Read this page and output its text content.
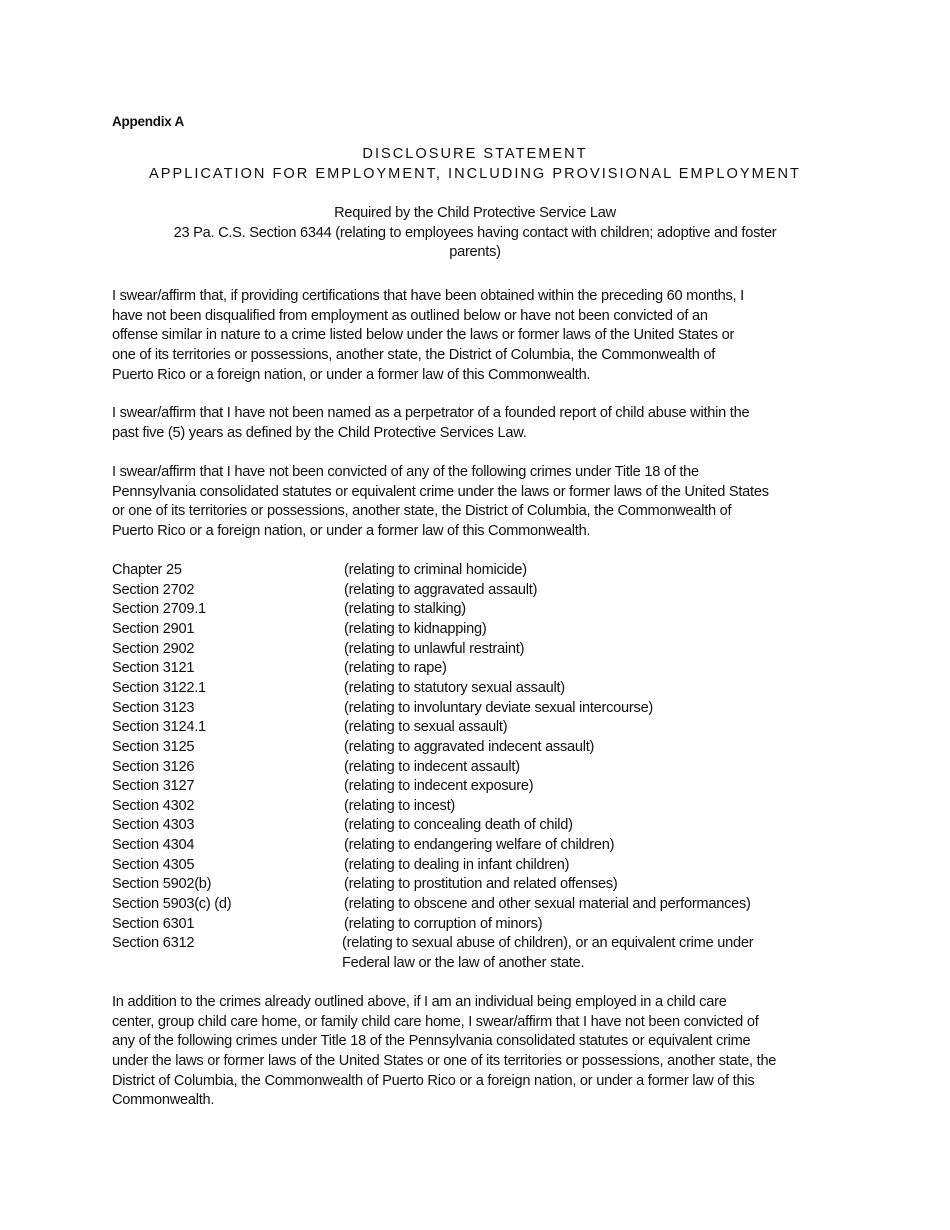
Appendix A
DISCLOSURE STATEMENT
APPLICATION FOR EMPLOYMENT, INCLUDING PROVISIONAL EMPLOYMENT
Required by the Child Protective Service Law
23 Pa. C.S. Section 6344 (relating to employees having contact with children; adoptive and foster
parents)
I swear/affirm that, if providing certifications that have been obtained within the preceding 60 months, I
have not been disqualified from employment as outlined below or have not been convicted of an
offense similar in nature to a crime listed below under the laws or former laws of the United States or
one of its territories or possessions, another state, the District of Columbia, the Commonwealth of
Puerto Rico or a foreign nation, or under a former law of this Commonwealth.
I swear/affirm that I have not been named as a perpetrator of a founded report of child abuse within the
past five (5) years as defined by the Child Protective Services Law.
I swear/affirm that I have not been convicted of any of the following crimes under Title 18 of the
Pennsylvania consolidated statutes or equivalent crime under the laws or former laws of the United States
or one of its territories or possessions, another state, the District of Columbia, the Commonwealth of
Puerto Rico or a foreign nation, or under a former law of this Commonwealth.
In addition to the crimes already outlined above, if I am an individual being employed in a child care
center, group child care home, or family child care home, I swear/affirm that I have not been convicted of
any of the following crimes under Title 18 of the Pennsylvania consolidated statutes or equivalent crime
under the laws or former laws of the United States or one of its territories or possessions, another state, the
District of Columbia, the Commonwealth of Puerto Rico or a foreign nation, or under a former law of this
Commonwealth.
Chapter 25	(relating to criminal homicide)
Section 2702	(relating to aggravated assault)
Section 2709.1	(relating to stalking)
Section 2901	(relating to kidnapping)
Section 2902	(relating to unlawful restraint)
Section 3121	(relating to rape)
Section 3122.1	(relating to statutory sexual assault)
Section 3123	(relating to involuntary deviate sexual intercourse)
Section 3124.1	(relating to sexual assault)
Section 3125	(relating to aggravated indecent assault)
Section 3126	(relating to indecent assault)
Section 3127	(relating to indecent exposure)
Section 4302	(relating to incest)
Section 4303	(relating to concealing death of child)
Section 4304	(relating to endangering welfare of children)
Section 4305	(relating to dealing in infant children)
Section 5902(b)	(relating to prostitution and related offenses)
Section 5903(c) (d)	(relating to obscene and other sexual material and performances)
Section 6301	(relating to corruption of minors)
Section 6312	(relating to sexual abuse of children), or an equivalent crime under
Federal law or the law of another state.
